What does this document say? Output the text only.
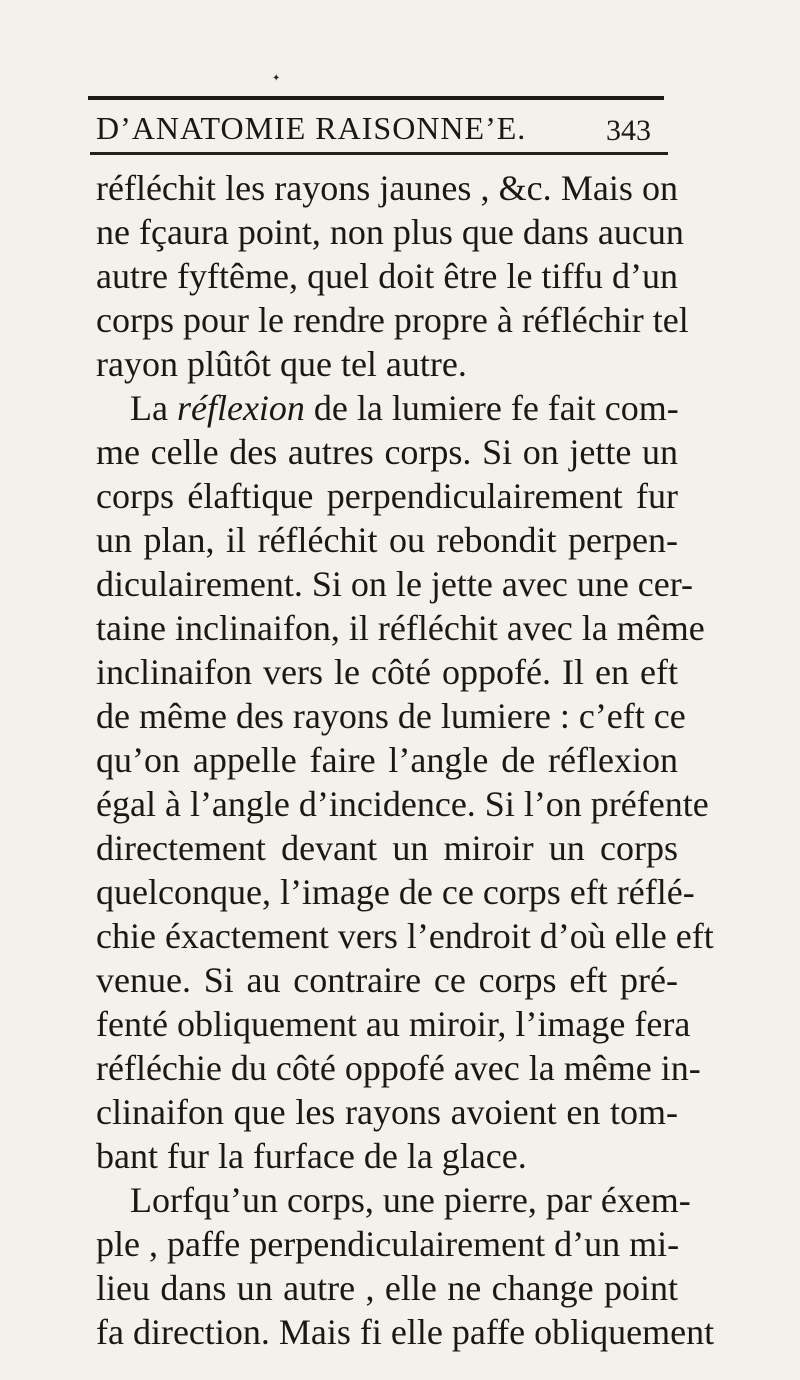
✦
D’ANATOMIE RAISONNE’E.	343
réfléchit les rayons jaunes , &c. Mais on
ne fçaura point, non plus que dans aucun
autre fyftême, quel doit être le tiffu d’un
corps pour le rendre propre à réfléchir tel
rayon plûtôt que tel autre.
La réflexion de la lumiere fe fait com-
me celle des autres corps. Si on jette un
corps élaftique perpendiculairement fur
un plan, il réfléchit ou rebondit perpen-
diculairement. Si on le jette avec une cer-
taine inclinaifon, il réfléchit avec la même
inclinaifon vers le côté oppofé. Il en eft
de même des rayons de lumiere : c’eft ce
qu’on appelle faire l’angle de réflexion
égal à l’angle d’incidence. Si l’on préfente
directement devant un miroir un corps
quelconque, l’image de ce corps eft réflé-
chie éxactement vers l’endroit d’où elle eft
venue. Si au contraire ce corps eft pré-
fenté obliquement au miroir, l’image fera
réfléchie du côté oppofé avec la même in-
clinaifon que les rayons avoient en tom-
bant fur la furface de la glace.
Lorfqu’un corps, une pierre, par éxem-
ple , paffe perpendiculairement d’un mi-
lieu dans un autre , elle ne change point
fa direction. Mais fi elle paffe obliquement
